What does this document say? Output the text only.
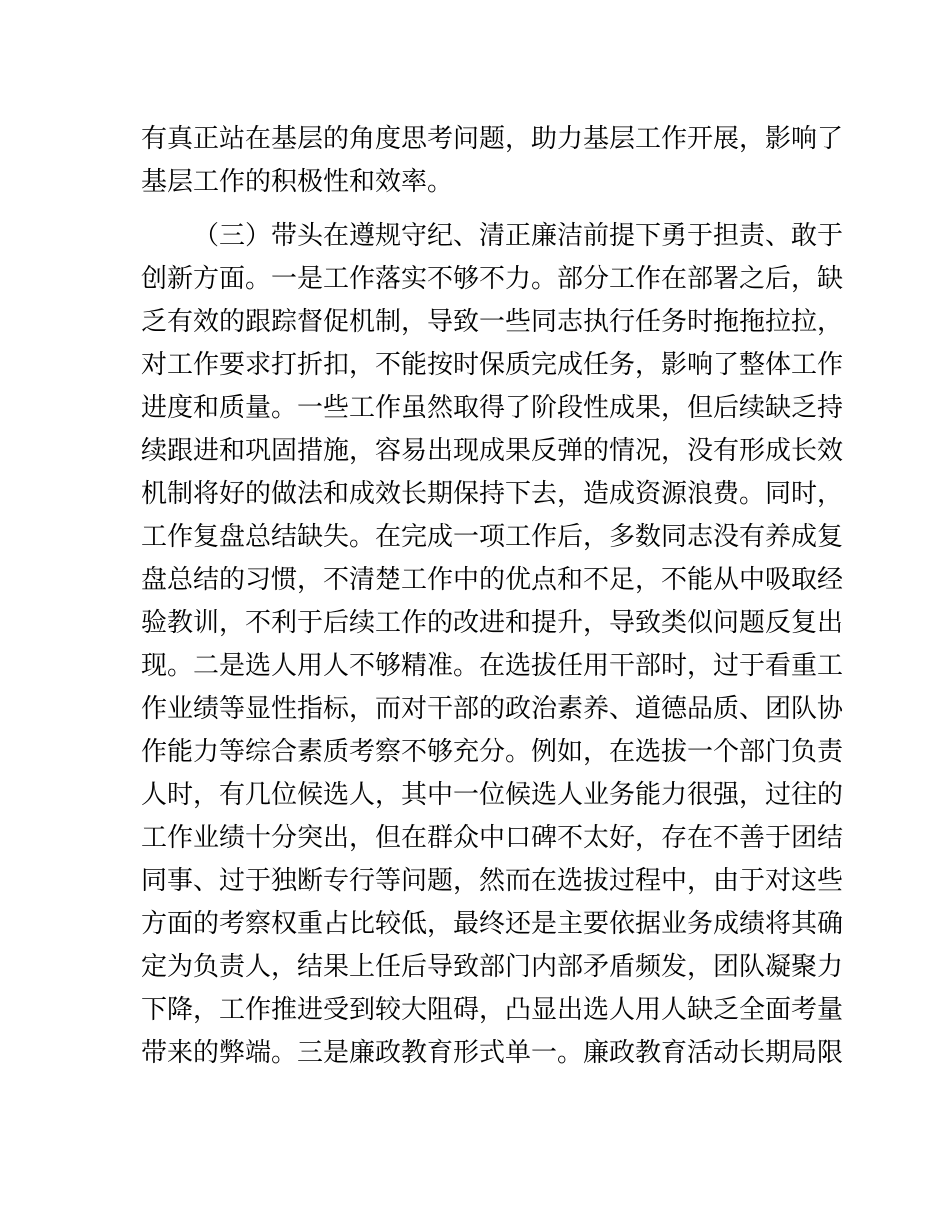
有真正站在基层的角度思考问题，助力基层工作开展，影响了
基层工作的积极性和效率。
（三）带头在遵规守纪、清正廉洁前提下勇于担责、敢于
创新方面。一是工作落实不够不力。部分工作在部署之后，缺
乏有效的跟踪督促机制，导致一些同志执行任务时拖拖拉拉，
对工作要求打折扣，不能按时保质完成任务，影响了整体工作
进度和质量。一些工作虽然取得了阶段性成果，但后续缺乏持
续跟进和巩固措施，容易出现成果反弹的情况，没有形成长效
机制将好的做法和成效长期保持下去，造成资源浪费。同时，
工作复盘总结缺失。在完成一项工作后，多数同志没有养成复
盘总结的习惯，不清楚工作中的优点和不足，不能从中吸取经
验教训，不利于后续工作的改进和提升，导致类似问题反复出
现。二是选人用人不够精准。在选拔任用干部时，过于看重工
作业绩等显性指标，而对干部的政治素养、道德品质、团队协
作能力等综合素质考察不够充分。例如，在选拔一个部门负责
人时，有几位候选人，其中一位候选人业务能力很强，过往的
工作业绩十分突出，但在群众中口碑不太好，存在不善于团结
同事、过于独断专行等问题，然而在选拔过程中，由于对这些
方面的考察权重占比较低，最终还是主要依据业务成绩将其确
定为负责人，结果上任后导致部门内部矛盾频发，团队凝聚力
下降，工作推进受到较大阻碍，凸显出选人用人缺乏全面考量
带来的弊端。三是廉政教育形式单一。廉政教育活动长期局限
